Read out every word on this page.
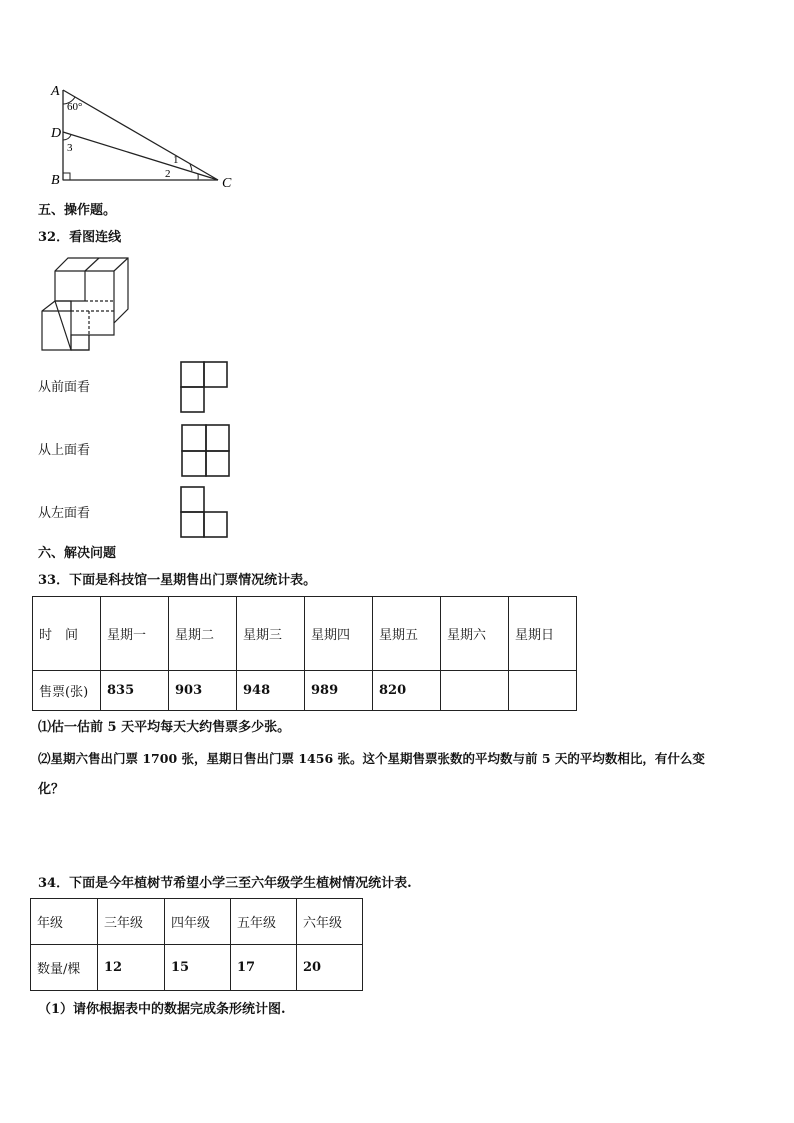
A
D
B	C
60°
3
1
2
五、操作题。
32．看图连线
从前面看
从上面看
从左面看
六、解决问题
33．下面是科技馆一星期售出门票情况统计表。
时　间	星期一	星期二	星期三	星期四	星期五	星期六	星期日
售票(张)	835	903	948	989	820		
⑴估一估前 5 天平均每天大约售票多少张。
⑵星期六售出门票 1700 张，星期日售出门票 1456 张。这个星期售票张数的平均数与前 5 天的平均数相比，有什么变
化？
34．下面是今年植树节希望小学三至六年级学生植树情况统计表.
年级	三年级	四年级	五年级	六年级
数量/棵	12	15	17	20
（1）请你根据表中的数据完成条形统计图.
